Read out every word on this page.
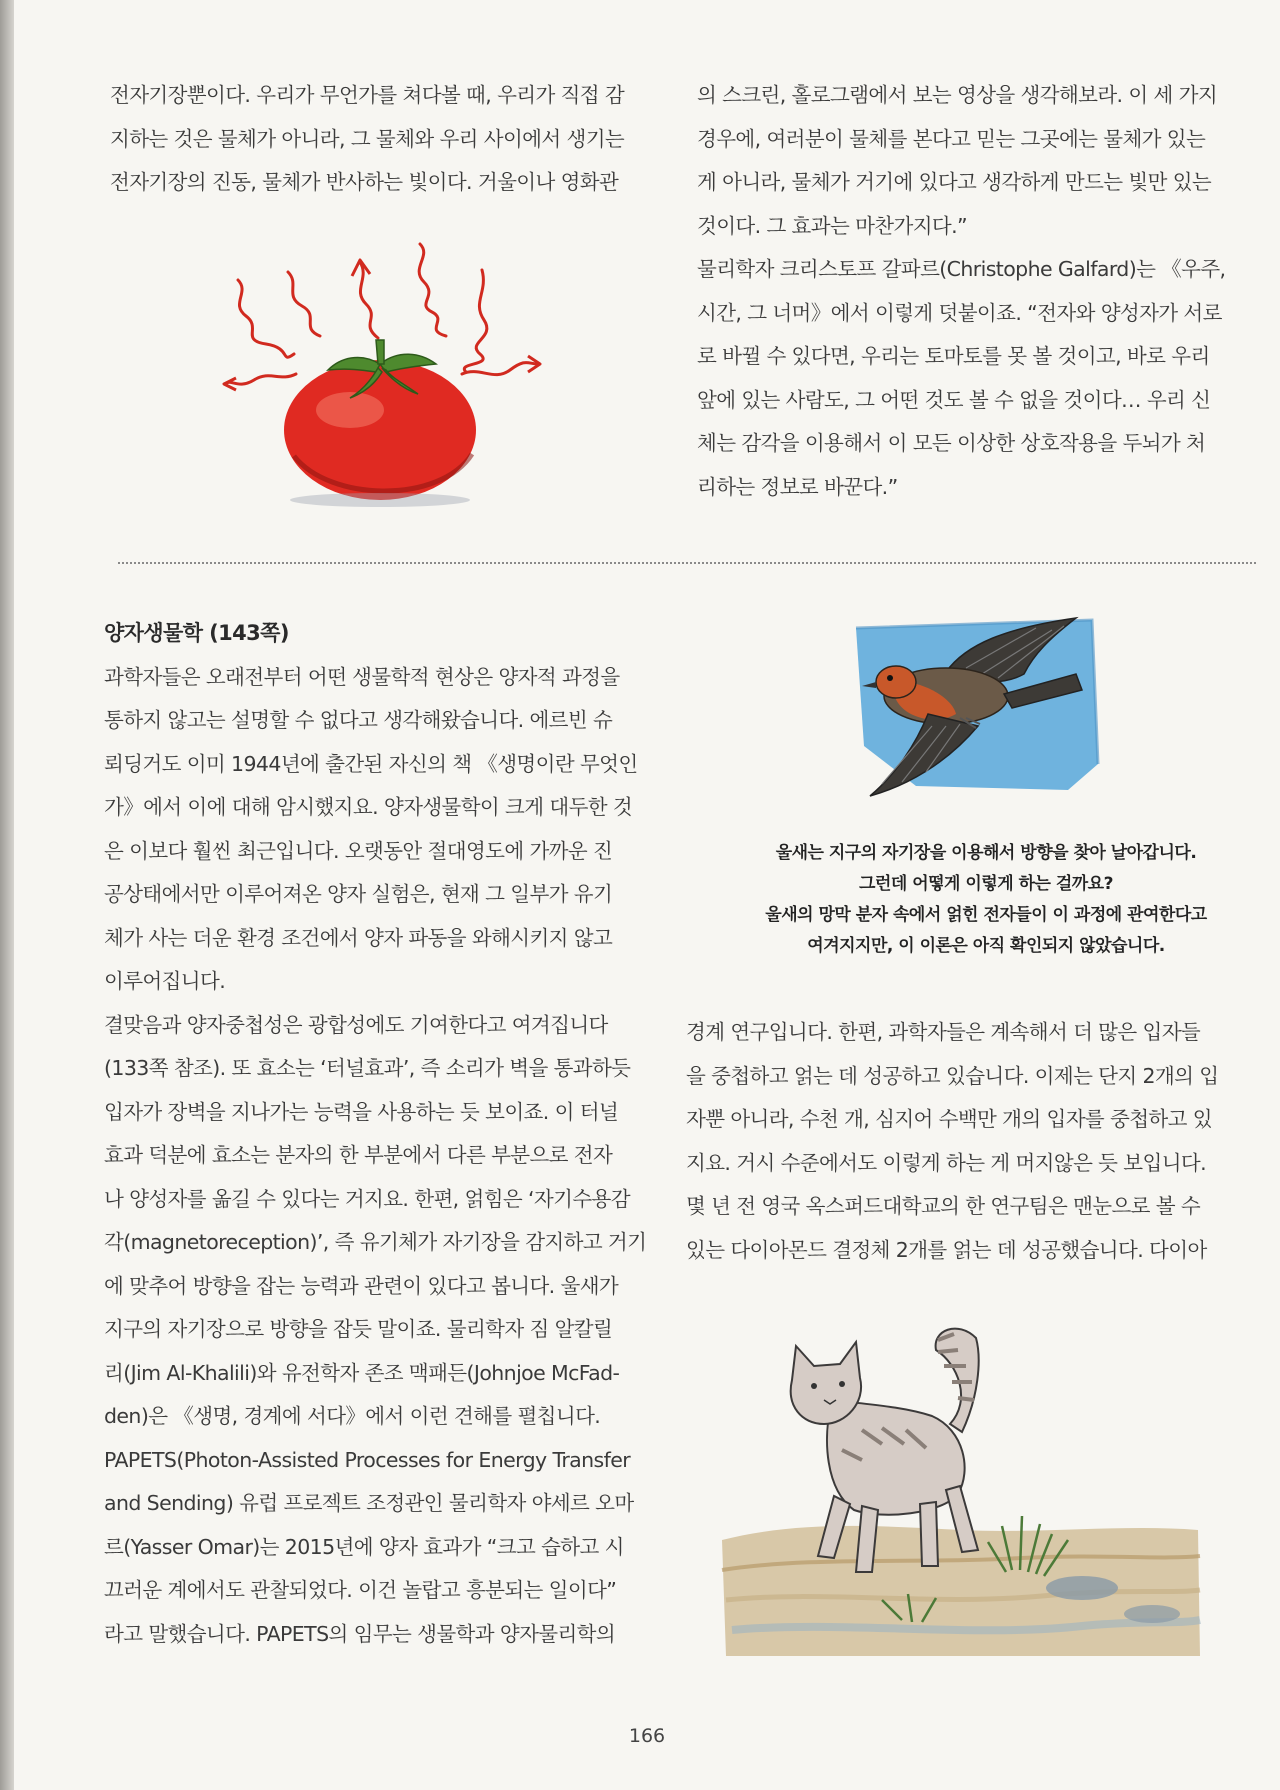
전자기장뿐이다. 우리가 무언가를 쳐다볼 때, 우리가 직접 감

지하는 것은 물체가 아니라, 그 물체와 우리 사이에서 생기는

전자기장의 진동, 물체가 반사하는 빛이다. 거울이나 영화관

의 스크린, 홀로그램에서 보는 영상을 생각해보라. 이 세 가지

경우에, 여러분이 물체를 본다고 믿는 그곳에는 물체가 있는

게 아니라, 물체가 거기에 있다고 생각하게 만드는 빛만 있는

것이다. 그 효과는 마찬가지다.”

물리학자 크리스토프 갈파르(Christophe Galfard)는 《우주,

시간, 그 너머》에서 이렇게 덧붙이죠. “전자와 양성자가 서로

로 바뀔 수 있다면, 우리는 토마토를 못 볼 것이고, 바로 우리

앞에 있는 사람도, 그 어떤 것도 볼 수 없을 것이다… 우리 신

체는 감각을 이용해서 이 모든 이상한 상호작용을 두뇌가 처

리하는 정보로 바꾼다.”

양자생물학 (143쪽)

과학자들은 오래전부터 어떤 생물학적 현상은 양자적 과정을

통하지 않고는 설명할 수 없다고 생각해왔습니다. 에르빈 슈

뢰딩거도 이미 1944년에 출간된 자신의 책 《생명이란 무엇인

가》에서 이에 대해 암시했지요. 양자생물학이 크게 대두한 것

은 이보다 훨씬 최근입니다. 오랫동안 절대영도에 가까운 진

공상태에서만 이루어져온 양자 실험은, 현재 그 일부가 유기

체가 사는 더운 환경 조건에서 양자 파동을 와해시키지 않고

이루어집니다.

결맞음과 양자중첩성은 광합성에도 기여한다고 여겨집니다

(133쪽 참조). 또 효소는 ‘터널효과’, 즉 소리가 벽을 통과하듯

입자가 장벽을 지나가는 능력을 사용하는 듯 보이죠. 이 터널

효과 덕분에 효소는 분자의 한 부분에서 다른 부분으로 전자

나 양성자를 옮길 수 있다는 거지요. 한편, 얽힘은 ‘자기수용감

각(magnetoreception)’, 즉 유기체가 자기장을 감지하고 거기

에 맞추어 방향을 잡는 능력과 관련이 있다고 봅니다. 울새가

지구의 자기장으로 방향을 잡듯 말이죠. 물리학자 짐 알칼릴

리(Jim Al-Khalili)와 유전학자 존조 맥패든(Johnjoe McFad-

den)은 《생명, 경계에 서다》에서 이런 견해를 펼칩니다.

PAPETS(Photon-Assisted Processes for Energy Transfer

and Sending) 유럽 프로젝트 조정관인 물리학자 야세르 오마

르(Yasser Omar)는 2015년에 양자 효과가 “크고 습하고 시

끄러운 계에서도 관찰되었다. 이건 놀랍고 흥분되는 일이다”

라고 말했습니다. PAPETS의 임무는 생물학과 양자물리학의

울새는 지구의 자기장을 이용해서 방향을 찾아 날아갑니다.

그런데 어떻게 이렇게 하는 걸까요?

울새의 망막 분자 속에서 얽힌 전자들이 이 과정에 관여한다고

여겨지지만, 이 이론은 아직 확인되지 않았습니다.

경계 연구입니다. 한편, 과학자들은 계속해서 더 많은 입자들

을 중첩하고 얽는 데 성공하고 있습니다. 이제는 단지 2개의 입

자뿐 아니라, 수천 개, 심지어 수백만 개의 입자를 중첩하고 있

지요. 거시 수준에서도 이렇게 하는 게 머지않은 듯 보입니다.

몇 년 전 영국 옥스퍼드대학교의 한 연구팀은 맨눈으로 볼 수

있는 다이아몬드 결정체 2개를 얽는 데 성공했습니다. 다이아

166
